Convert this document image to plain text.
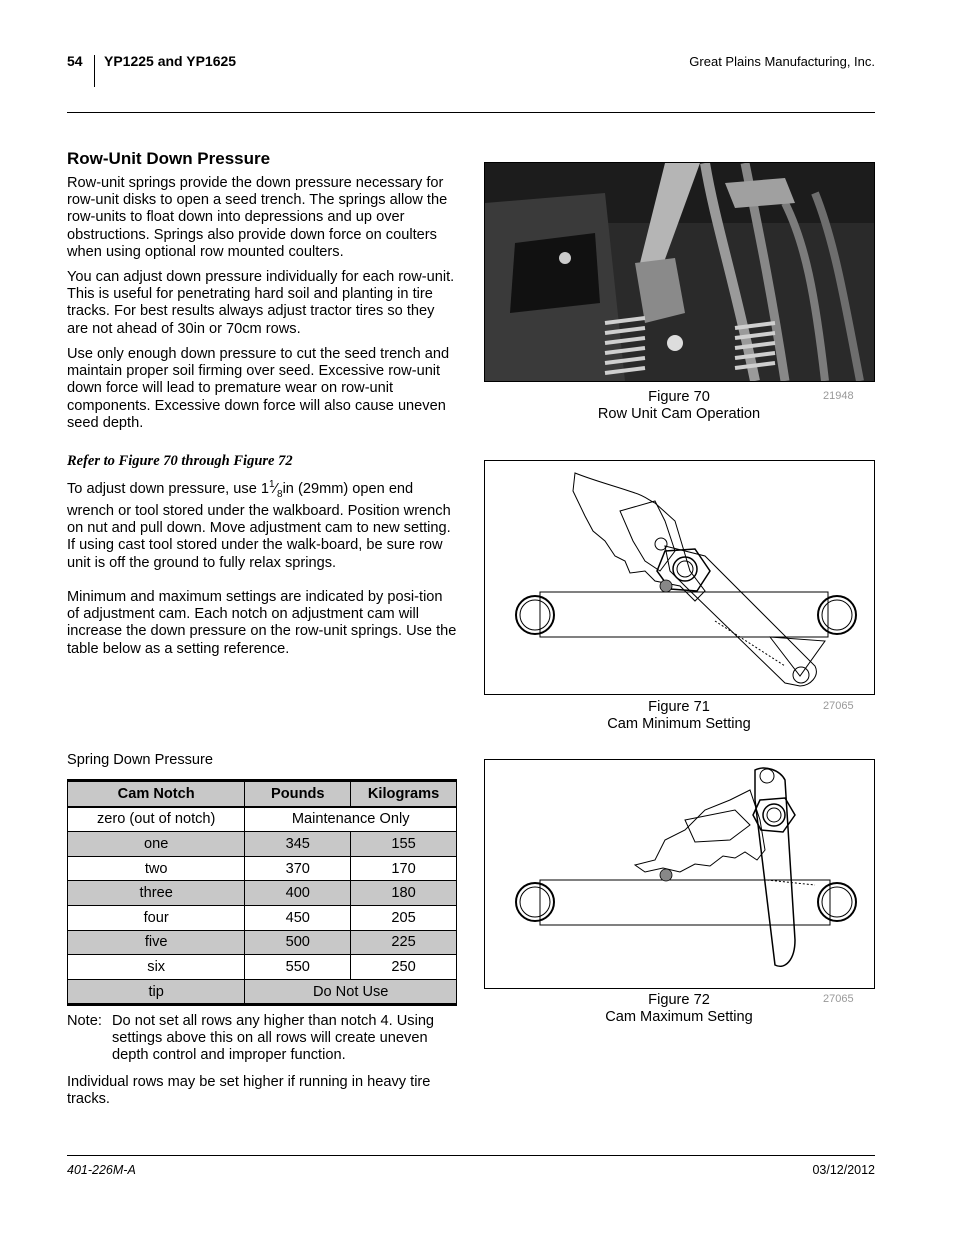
54 YP1225 and YP1625	Great Plains Manufacturing, Inc.
Row-Unit Down Pressure

Row-unit springs provide the down pressure necessary for row-unit disks to open a seed trench. The springs allow the row-units to float down into depressions and up over obstructions. Springs also provide down force on coulters when using optional row mounted coulters.

You can adjust down pressure individually for each row-unit. This is useful for penetrating hard soil and planting in tire tracks. For best results always adjust tractor tires so they are not ahead of 30in or 70cm rows.

Use only enough down pressure to cut the seed trench and maintain proper soil firming over seed. Excessive row-unit down force will lead to premature wear on row-unit components. Excessive down force will also cause uneven seed depth.

Refer to Figure 70 through Figure 72

To adjust down pressure, use $1^1⁄_8in$ (29mm) open end wrench or tool stored under the walkboard. Position wrench on nut and pull down. Move adjustment cam to new setting. If using cast tool stored under the walk-board, be sure row unit is off the ground to fully relax springs.

Minimum and maximum settings are indicated by posi-tion of adjustment cam. Each notch on adjustment cam will increase the down pressure on the row-unit springs. Use the table below as a setting reference.

Spring Down Pressure
Cam Notch	Pounds	Kilograms
zero (out of notch)	Maintenance Only	
one	345	155
two	370	170
three	400	180
four	450	205
five	500	225
six	550	250
tip	Do Not Use	
Note: Do not set all rows any higher than notch 4. Using settings above this on all rows will create uneven depth control and improper function.

Individual rows may be set higher if running in heavy tire tracks.

Figure 70
Row Unit Cam Operation
21948
Figure 71
Cam Minimum Setting
27065
Figure 72
Cam Maximum Setting
27065
401-226M-A	03/12/2012
